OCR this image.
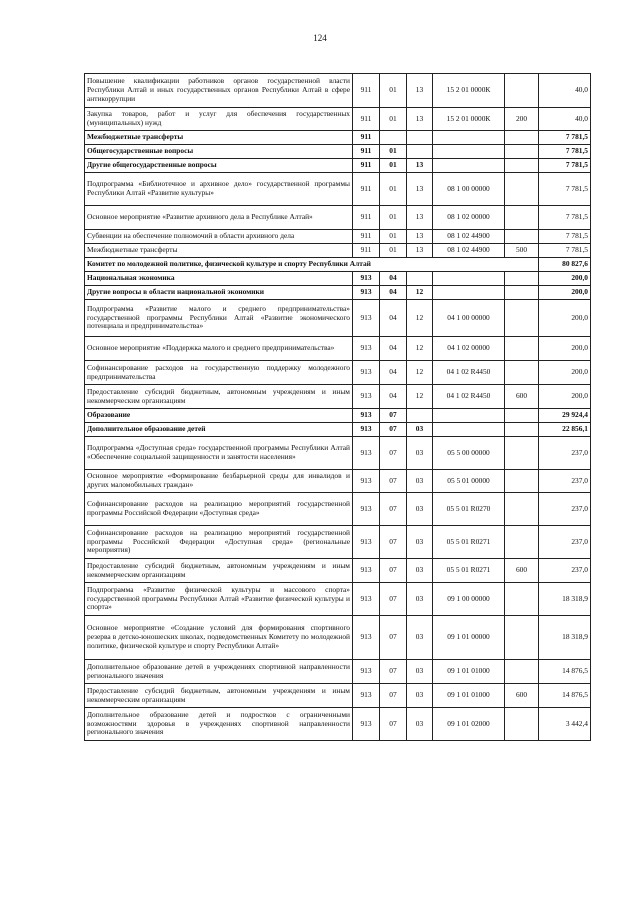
124
Повышение квалификации работников органов государственной власти Республики Алтай и иных государственных органов Республики Алтай в сфере антикоррупции	911	01	13	15 2 01 0000К		40,0
Закупка товаров, работ и услуг для обеспечения государственных (муниципальных) нужд	911	01	13	15 2 01 0000К	200	40,0
Межбюджетные трансферты	911					7 781,5
Общегосударственные вопросы	911	01				7 781,5
Другие общегосударственные вопросы	911	01	13			7 781,5
Подпрограмма «Библиотечное и архивное дело» государственной программы Республики Алтай «Развитие культуры»	911	01	13	08 1 00 00000		7 781,5
Основное мероприятие «Развитие архивного дела в Республике Алтай»	911	01	13	08 1 02 00000		7 781,5
Субвенции на обеспечение полномочий в области архивного дела	911	01	13	08 1 02 44900		7 781,5
Межбюджетные трансферты	911	01	13	08 1 02 44900	500	7 781,5
Комитет по молодежной политике, физической культуре и спорту Республики Алтай						80 827,6
Национальная экономика	913	04				200,0
Другие вопросы в области национальной экономики	913	04	12			200,0
Подпрограмма «Развитие малого и среднего предпринимательства» государственной программы Республики Алтай «Развитие экономического потенциала и предпринимательства»	913	04	12	04 1 00 00000		200,0
Основное мероприятие «Поддержка малого и среднего предпринимательства»	913	04	12	04 1 02 00000		200,0
Софинансирование расходов на государственную поддержку молодежного предпринимательства	913	04	12	04 1 02 R4450		200,0
Предоставление субсидий бюджетным, автономным учреждениям и иным некоммерческим организациям	913	04	12	04 1 02 R4450	600	200,0
Образование	913	07				29 924,4
Дополнительное образование детей	913	07	03			22 856,1
Подпрограмма «Доступная среда» государственной программы Республики Алтай «Обеспечение социальной защищенности и занятости населения»	913	07	03	05 5 00 00000		237,0
Основное мероприятие «Формирование безбарьерной среды для инвалидов и других маломобильных граждан»	913	07	03	05 5 01 00000		237,0
Софинансирование расходов на реализацию мероприятий государственной программы Российской Федерации «Доступная среда»	913	07	03	05 5 01 R0270		237,0
Софинансирование расходов на реализацию мероприятий государственной программы Российской Федерации «Доступная среда» (региональные мероприятия)	913	07	03	05 5 01 R0271		237,0
Предоставление субсидий бюджетным, автономным учреждениям и иным некоммерческим организациям	913	07	03	05 5 01 R0271	600	237,0
Подпрограмма «Развитие физической культуры и массового спорта» государственной программы Республики Алтай «Развитие физической культуры и спорта»	913	07	03	09 1 00 00000		18 318,9
Основное мероприятие «Создание условий для формирования спортивного резерва в детско-юношеских школах, подведомственных Комитету по молодежной политике, физической культуре и спорту Республики Алтай»	913	07	03	09 1 01 00000		18 318,9
Дополнительное образование детей в учреждениях спортивной направленности регионального значения	913	07	03	09 1 01 01000		14 876,5
Предоставление субсидий бюджетным, автономным учреждениям и иным некоммерческим организациям	913	07	03	09 1 01 01000	600	14 876,5
Дополнительное образование детей и подростков с ограниченными возможностями здоровья в учреждениях спортивной направленности регионального значения	913	07	03	09 1 01 02000		3 442,4
